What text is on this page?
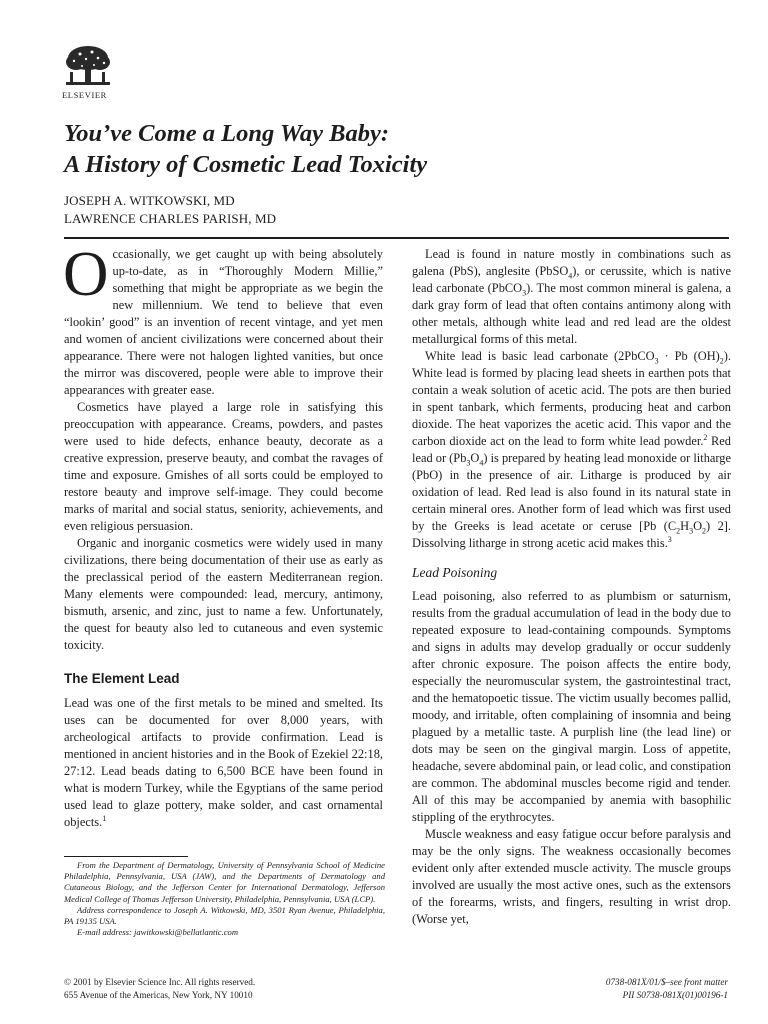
ELSEVIER
You’ve Come a Long Way Baby:
A History of Cosmetic Lead Toxicity
JOSEPH A. WITKOWSKI, MD
LAWRENCE CHARLES PARISH, MD

Occasionally, we get caught up with being absolutely up-to-date, as in “Thoroughly Modern Millie,” something that might be appropriate as we begin the new millennium. We tend to believe that even “lookin’ good” is an invention of recent vintage, and yet men and women of ancient civilizations were concerned about their appearance. There were not halogen lighted vanities, but once the mirror was discovered, people were able to improve their appearances with greater ease.

Cosmetics have played a large role in satisfying this preoccupation with appearance. Creams, powders, and pastes were used to hide defects, enhance beauty, decorate as a creative expression, preserve beauty, and combat the ravages of time and exposure. Gmishes of all sorts could be employed to restore beauty and improve self-image. They could become marks of marital and social status, seniority, achievements, and even religious persuasion.

Organic and inorganic cosmetics were widely used in many civilizations, there being documentation of their use as early as the preclassical period of the eastern Mediterranean region. Many elements were compounded: lead, mercury, antimony, bismuth, arsenic, and zinc, just to name a few. Unfortunately, the quest for beauty also led to cutaneous and even systemic toxicity.

The Element Lead

Lead was one of the first metals to be mined and smelted. Its uses can be documented for over 8,000 years, with archeological artifacts to provide confirmation. Lead is mentioned in ancient histories and in the Book of Ezekiel 22:18, 27:12. Lead beads dating to 6,500 BCE have been found in what is modern Turkey, while the Egyptians of the same period used lead to glaze pottery, make solder, and cast ornamental objects.$^1$

From the Department of Dermatology, University of Pennsylvania School of Medicine Philadelphia, Pennsylvania, USA (JAW), and the Departments of Dermatology and Cutaneous Biology, and the Jefferson Center for International Dermatology, Jefferson Medical College of Thomas Jefferson University, Philadelphia, Pennsylvania, USA (LCP).

Address correspondence to Joseph A. Witkowski, MD, 3501 Ryan Avenue, Philadelphia, PA 19135 USA.

E-mail address: jawitkowski@bellatlantic.com

Lead is found in nature mostly in combinations such as galena (PbS), anglesite (PbSO$_4$), or cerussite, which is native lead carbonate (PbCO$_3$). The most common mineral is galena, a dark gray form of lead that often contains antimony along with other metals, although white lead and red lead are the oldest metallurgical forms of this metal.

White lead is basic lead carbonate (2PbCO$_3$ · Pb $(OH)_2$). White lead is formed by placing lead sheets in earthen pots that contain a weak solution of acetic acid. The pots are then buried in spent tanbark, which ferments, producing heat and carbon dioxide. The heat vaporizes the acetic acid. This vapor and the carbon dioxide act on the lead to form white lead powder.$^2$ Red lead or $(Pb_3O_4)$ is prepared by heating lead monoxide or litharge (PbO) in the presence of air. Litharge is produced by air oxidation of lead. Red lead is also found in its natural state in certain mineral ores. Another form of lead which was first used by the Greeks is lead acetate or ceruse [Pb $(C_2H_3O_2)$ 2]. Dissolving litharge in strong acetic acid makes this.$^3$

Lead Poisoning

Lead poisoning, also referred to as plumbism or saturnism, results from the gradual accumulation of lead in the body due to repeated exposure to lead-containing compounds. Symptoms and signs in adults may develop gradually or occur suddenly after chronic exposure. The poison affects the entire body, especially the neuromuscular system, the gastrointestinal tract, and the hematopoetic tissue. The victim usually becomes pallid, moody, and irritable, often complaining of insomnia and being plagued by a metallic taste. A purplish line (the lead line) or dots may be seen on the gingival margin. Loss of appetite, headache, severe abdominal pain, or lead colic, and constipation are common. The abdominal muscles become rigid and tender. All of this may be accompanied by anemia with basophilic stippling of the erythrocytes.

Muscle weakness and easy fatigue occur before paralysis and may be the only signs. The weakness occasionally becomes evident only after extended muscle activity. The muscle groups involved are usually the most active ones, such as the extensors of the forearms, wrists, and fingers, resulting in wrist drop. (Worse yet,

© 2001 by Elsevier Science Inc. All rights reserved.
655 Avenue of the Americas, New York, NY 10010
0738-081X/01/$–see front matter
PII S0738-081X(01)00196-1
